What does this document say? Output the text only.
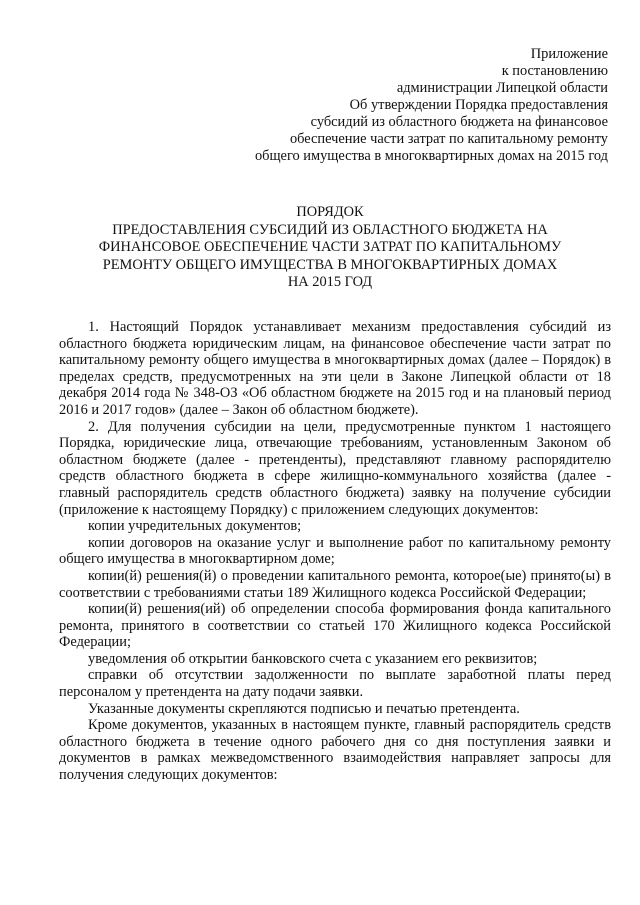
Приложение
к постановлению
администрации Липецкой области
Об утверждении Порядка предоставления
субсидий из областного бюджета на финансовое
обеспечение части затрат по капитальному ремонту
общего имущества в многоквартирных домах на 2015 год
ПОРЯДОК
ПРЕДОСТАВЛЕНИЯ СУБСИДИЙ ИЗ ОБЛАСТНОГО БЮДЖЕТА НА
ФИНАНСОВОЕ ОБЕСПЕЧЕНИЕ ЧАСТИ ЗАТРАТ ПО КАПИТАЛЬНОМУ
РЕМОНТУ ОБЩЕГО ИМУЩЕСТВА В МНОГОКВАРТИРНЫХ ДОМАХ
НА 2015 ГОД

1. Настоящий Порядок устанавливает механизм предоставления субсидий из областного бюджета юридическим лицам, на финансовое обеспечение части затрат по капитальному ремонту общего имущества в многоквартирных домах (далее – Порядок) в пределах средств, предусмотренных на эти цели в Законе Липецкой области от 18 декабря 2014 года № 348-ОЗ «Об областном бюджете на 2015 год и на плановый период 2016 и 2017 годов» (далее – Закон об областном бюджете).

2. Для получения субсидии на цели, предусмотренные пунктом 1 настоящего Порядка, юридические лица, отвечающие требованиям, установленным Законом об областном бюджете (далее - претенденты), представляют главному распорядителю средств областного бюджета в сфере жилищно-коммунального хозяйства (далее - главный распорядитель средств областного бюджета) заявку на получение субсидии (приложение к настоящему Порядку) с приложением следующих документов:

копии учредительных документов;

копии договоров на оказание услуг и выполнение работ по капитальному ремонту общего имущества в многоквартирном доме;

копии(й) решения(й) о проведении капитального ремонта, которое(ые) принято(ы) в соответствии с требованиями статьи 189 Жилищного кодекса Российской Федерации;

копии(й) решения(ий) об определении способа формирования фонда капитального ремонта, принятого в соответствии со статьей 170 Жилищного кодекса Российской Федерации;

уведомления об открытии банковского счета с указанием его реквизитов;

справки об отсутствии задолженности по выплате заработной платы перед персоналом у претендента на дату подачи заявки.

Указанные документы скрепляются подписью и печатью претендента.

Кроме документов, указанных в настоящем пункте, главный распорядитель средств областного бюджета в течение одного рабочего дня со дня поступления заявки и документов в рамках межведомственного взаимодействия направляет запросы для получения следующих документов:
